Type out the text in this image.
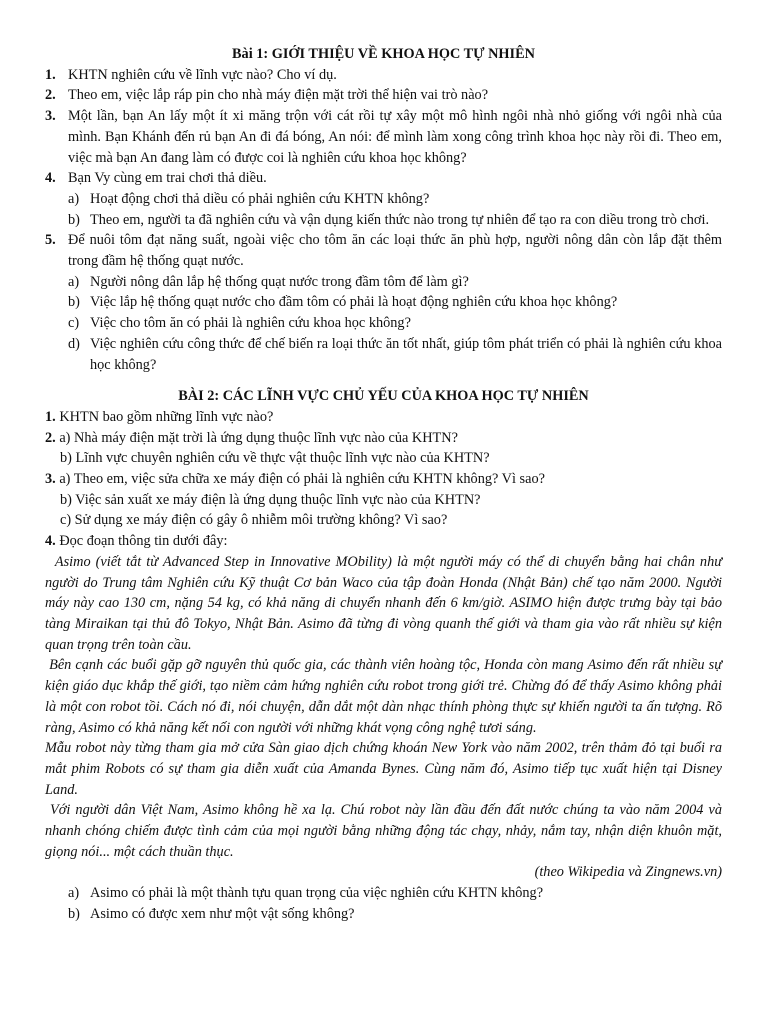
Bài 1: GIỚI THIỆU VỀ KHOA HỌC TỰ NHIÊN
1. KHTN nghiên cứu về lĩnh vực nào? Cho ví dụ.
2. Theo em, việc lắp ráp pin cho nhà máy điện mặt trời thể hiện vai trò nào?
3. Một lần, bạn An lấy một ít xi măng trộn với cát rồi tự xây một mô hình ngôi nhà nhỏ giống với ngôi nhà của mình. Bạn Khánh đến rủ bạn An đi đá bóng, An nói: để mình làm xong công trình khoa học này rồi đi. Theo em, việc mà bạn An đang làm có được coi là nghiên cứu khoa học không?
4. Bạn Vy cùng em trai chơi thả diều.
a) Hoạt động chơi thả diều có phải nghiên cứu KHTN không?
b) Theo em, người ta đã nghiên cứu và vận dụng kiến thức nào trong tự nhiên để tạo ra con diều trong trò chơi.
5. Để nuôi tôm đạt năng suất, ngoài việc cho tôm ăn các loại thức ăn phù hợp, người nông dân còn lắp đặt thêm trong đầm hệ thống quạt nước.
a) Người nông dân lắp hệ thống quạt nước trong đầm tôm để làm gì?
b) Việc lắp hệ thống quạt nước cho đầm tôm có phải là hoạt động nghiên cứu khoa học không?
c) Việc cho tôm ăn có phải là nghiên cứu khoa học không?
d) Việc nghiên cứu công thức để chế biến ra loại thức ăn tốt nhất, giúp tôm phát triển có phải là nghiên cứu khoa học không?
BÀI 2: CÁC LĨNH VỰC CHỦ YẾU CỦA KHOA HỌC TỰ NHIÊN
1. KHTN bao gồm những lĩnh vực nào?
2. a) Nhà máy điện mặt trời là ứng dụng thuộc lĩnh vực nào của KHTN?
b) Lĩnh vực chuyên nghiên cứu về thực vật thuộc lĩnh vực nào của KHTN?
3. a) Theo em, việc sửa chữa xe máy điện có phải là nghiên cứu KHTN không? Vì sao?
b) Việc sản xuất xe máy điện là ứng dụng thuộc lĩnh vực nào của KHTN?
c) Sử dụng xe máy điện có gây ô nhiễm môi trường không? Vì sao?
4. Đọc đoạn thông tin dưới đây:
Asimo (viết tắt từ Advanced Step in Innovative MObility) là một người máy có thể di chuyển bằng hai chân như người do Trung tâm Nghiên cứu Kỹ thuật Cơ bản Waco của tập đoàn Honda (Nhật Bản) chế tạo năm 2000. Người máy này cao 130 cm, nặng 54 kg, có khả năng di chuyển nhanh đến 6 km/giờ. ASIMO hiện được trưng bày tại bảo tàng Miraikan tại thủ đô Tokyo, Nhật Bản. Asimo đã từng đi vòng quanh thế giới và tham gia vào rất nhiều sự kiện quan trọng trên toàn cầu.
Bên cạnh các buổi gặp gỡ nguyên thủ quốc gia, các thành viên hoàng tộc, Honda còn mang Asimo đến rất nhiều sự kiện giáo dục khắp thế giới, tạo niềm cảm hứng nghiên cứu robot trong giới trẻ. Chừng đó để thấy Asimo không phải là một con robot tồi. Cách nó đi, nói chuyện, dẫn dắt một dàn nhạc thính phòng thực sự khiến người ta ấn tượng. Rõ ràng, Asimo có khả năng kết nối con người với những khát vọng công nghệ tươi sáng.
Mẫu robot này từng tham gia mở cửa Sàn giao dịch chứng khoán New York vào năm 2002, trên thảm đỏ tại buổi ra mắt phim Robots có sự tham gia diễn xuất của Amanda Bynes. Cùng năm đó, Asimo tiếp tục xuất hiện tại Disney Land.
Với người dân Việt Nam, Asimo không hề xa lạ. Chú robot này lần đầu đến đất nước chúng ta vào năm 2004 và nhanh chóng chiếm được tình cảm của mọi người bằng những động tác chạy, nhảy, nắm tay, nhận diện khuôn mặt, giọng nói... một cách thuần thục.
(theo Wikipedia và Zingnews.vn)
a) Asimo có phải là một thành tựu quan trọng của việc nghiên cứu KHTN không?
b) Asimo có được xem như một vật sống không?
